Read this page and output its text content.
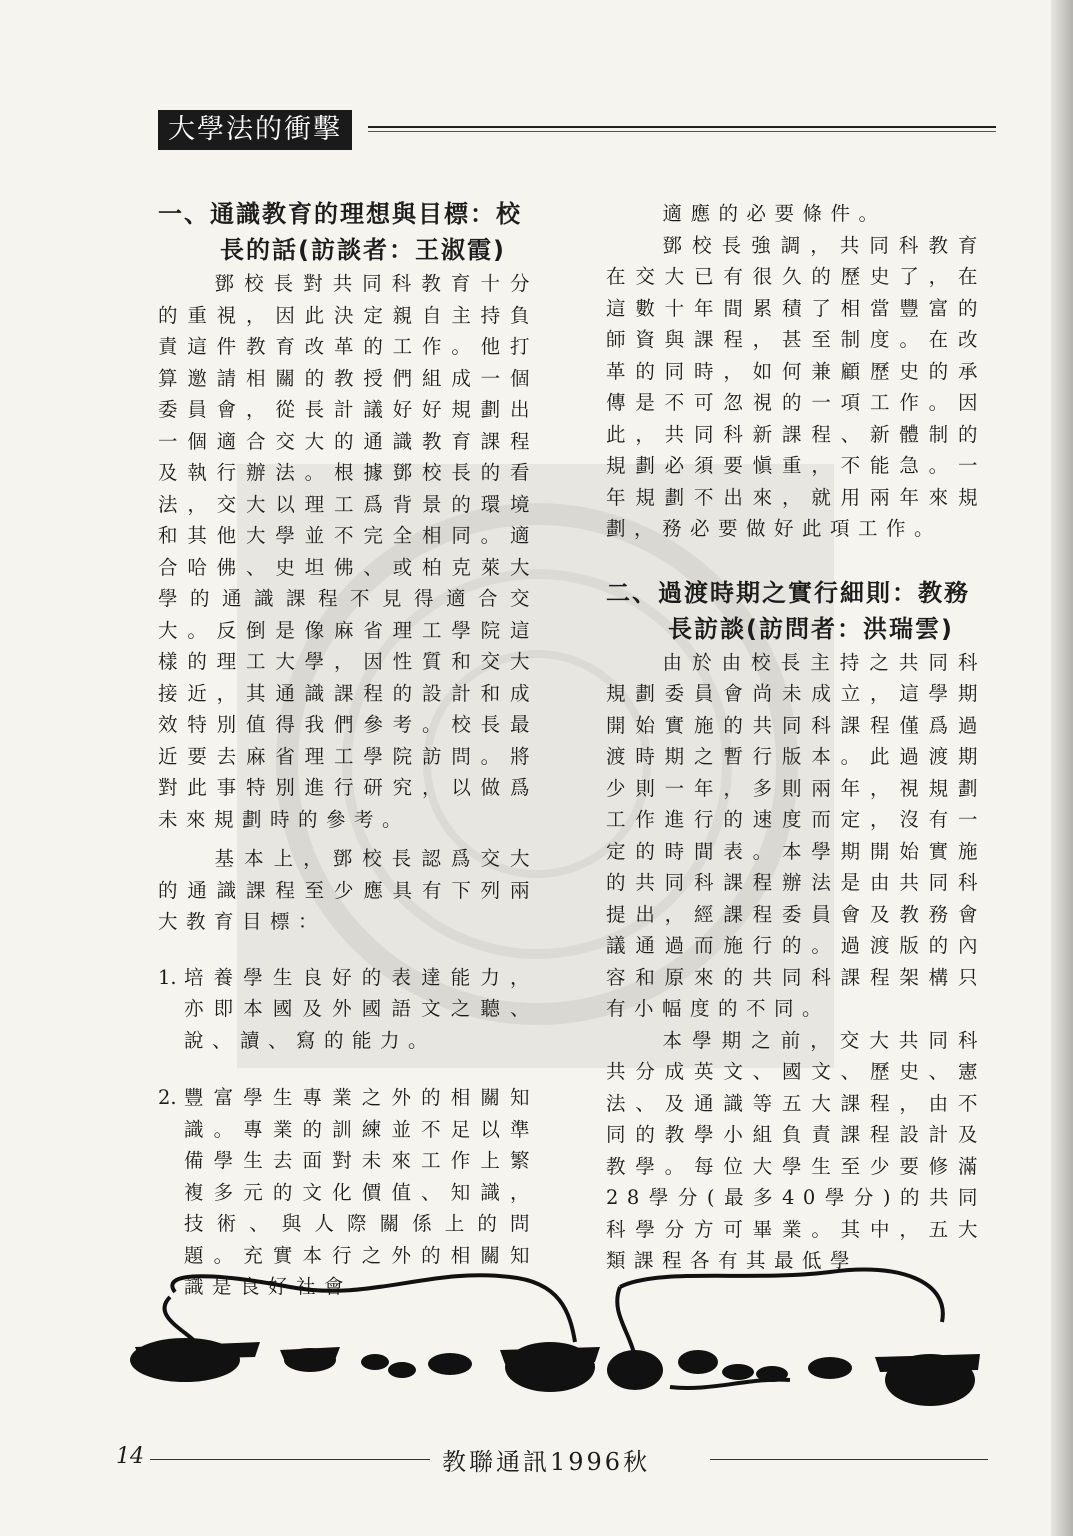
大學法的衝擊
一、通識教育的理想與目標：校
長的話(訪談者：王淑霞)

鄧校長對共同科教育十分的重視，因此決定親自主持負責這件教育改革的工作。他打算邀請相關的教授們組成一個委員會，從長計議好好規劃出一個適合交大的通識教育課程及執行辦法。根據鄧校長的看法，交大以理工爲背景的環境和其他大學並不完全相同。適合哈佛、史坦佛、或柏克萊大學的通識課程不見得適合交大。反倒是像麻省理工學院這樣的理工大學，因性質和交大接近，其通識課程的設計和成效特別值得我們參考。校長最近要去麻省理工學院訪問。將對此事特別進行研究，以做爲未來規劃時的參考。

基本上，鄧校長認爲交大的通識課程至少應具有下列兩大教育目標：

1. 培養學生良好的表達能力，亦即本國及外國語文之聽、說、讀、寫的能力。
2. 豐富學生專業之外的相關知識。專業的訓練並不足以準備學生去面對未來工作上繁複多元的文化價值、知識，技術、與人際關係上的問題。充實本行之外的相關知識是良好社會

適應的必要條件。

鄧校長強調，共同科教育在交大已有很久的歷史了，在這數十年間累積了相當豐富的師資與課程，甚至制度。在改革的同時，如何兼顧歷史的承傳是不可忽視的一項工作。因此，共同科新課程、新體制的規劃必須要愼重，不能急。一年規劃不出來，就用兩年來規劃，務必要做好此項工作。

二、過渡時期之實行細則：教務
長訪談(訪問者：洪瑞雲)

由於由校長主持之共同科規劃委員會尚未成立，這學期開始實施的共同科課程僅爲過渡時期之暫行版本。此過渡期少則一年，多則兩年，視規劃工作進行的速度而定，沒有一定的時間表。本學期開始實施的共同科課程辦法是由共同科提出，經課程委員會及教務會議通過而施行的。過渡版的內容和原來的共同科課程架構只有小幅度的不同。

本學期之前，交大共同科共分成英文、國文、歷史、憲法、及通識等五大課程，由不同的教學小組負責課程設計及教學。每位大學生至少要修滿28學分(最多40學分)的共同科學分方可畢業。其中，五大類課程各有其最低學

14	教聯通訊1996秋
